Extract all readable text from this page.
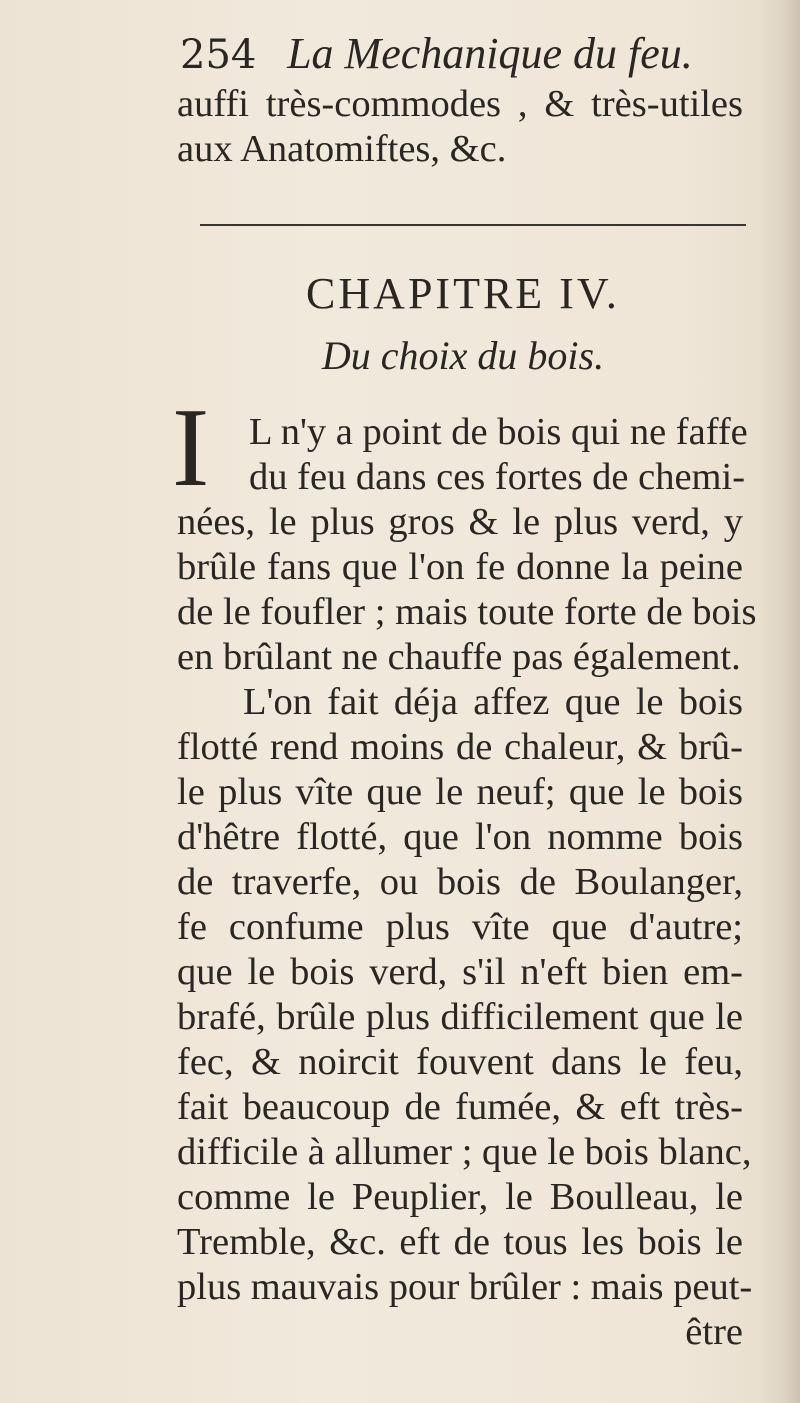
254 La Mechanique du feu.
auffi très-commodes , & très-utiles
aux Anatomiftes, &c.
CHAPITRE IV.
Du choix du bois.
I	L n'y a point de bois qui ne faffe
du feu dans ces fortes de chemi-
nées, le plus gros & le plus verd, y
brûle fans que l'on fe donne la peine
de le foufler ; mais toute forte de bois
en brûlant ne chauffe pas également.
L'on fait déja affez que le bois
flotté rend moins de chaleur, & brû-
le plus vîte que le neuf; que le bois
d'hêtre flotté, que l'on nomme bois
de traverfe, ou bois de Boulanger,
fe confume plus vîte que d'autre;
que le bois verd, s'il n'eft bien em-
brafé, brûle plus difficilement que le
fec, & noircit fouvent dans le feu,
fait beaucoup de fumée, & eft très-
difficile à allumer ; que le bois blanc,
comme le Peuplier, le Boulleau, le
Tremble, &c. eft de tous les bois le
plus mauvais pour brûler : mais peut-
être
